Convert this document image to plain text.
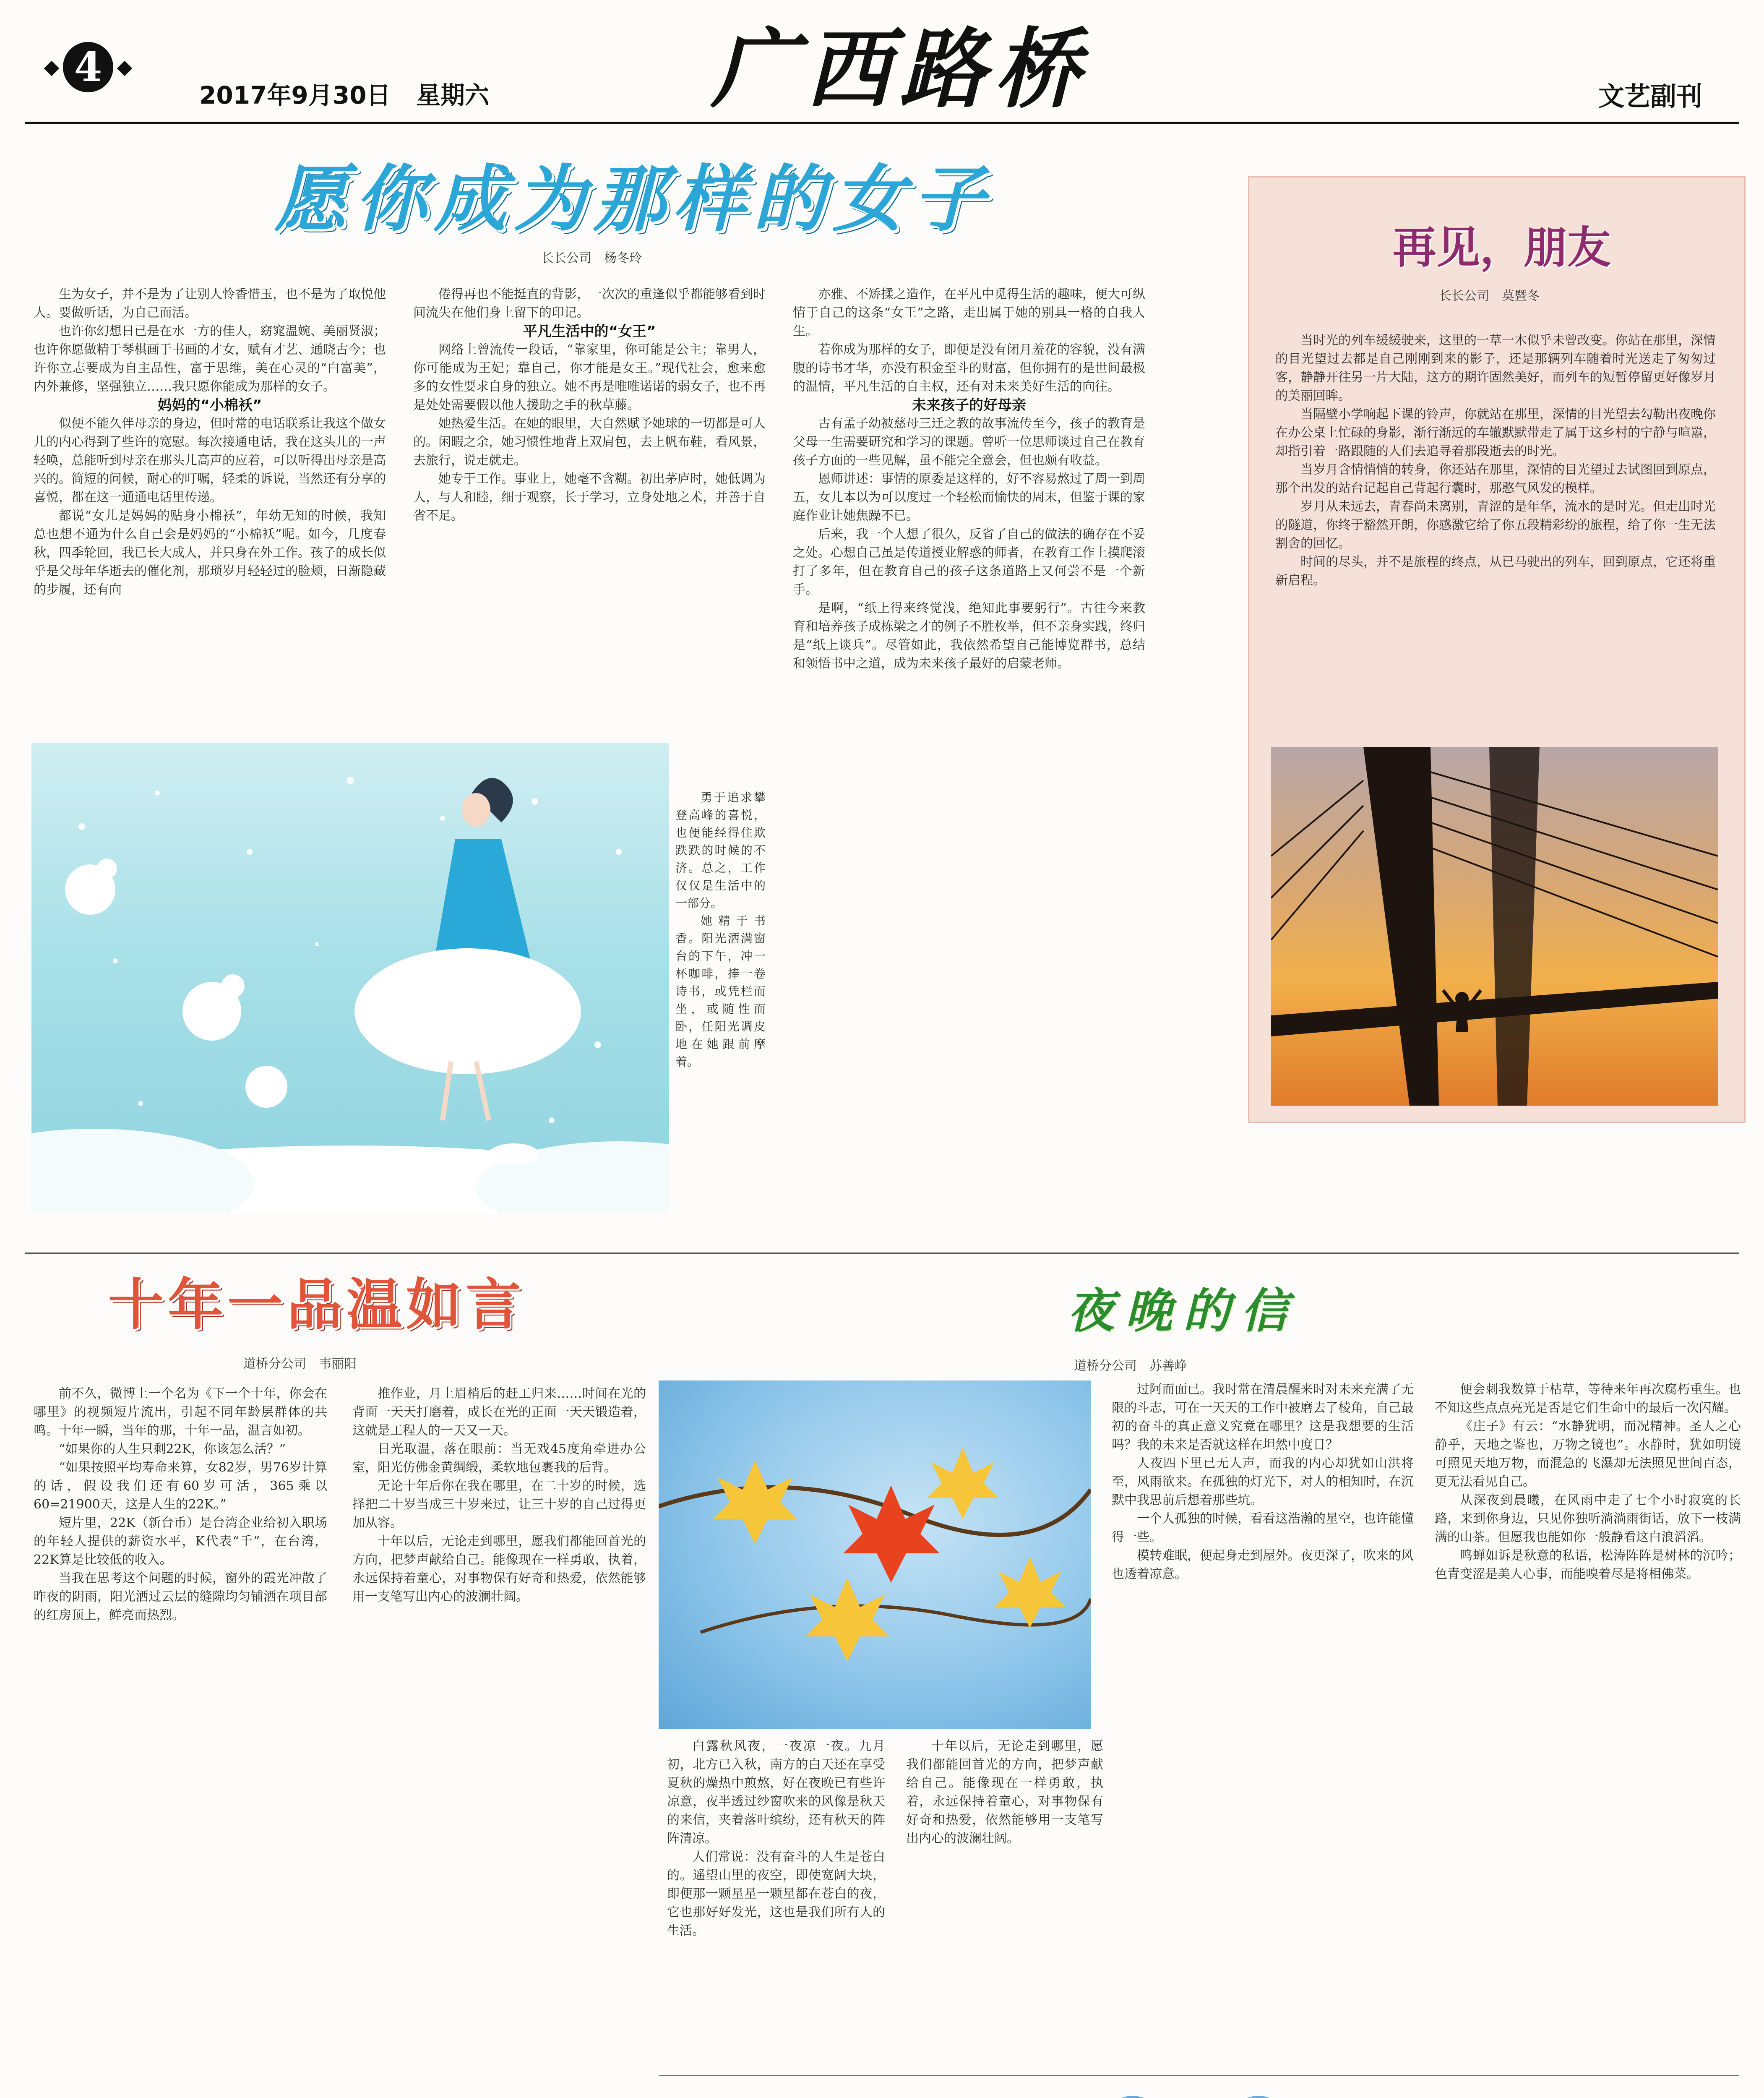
4
2017年9月30日 星期六	广西路桥	文艺副刊
愿你成为那样的女子
长长公司　杨冬玲

生为女子，并不是为了让别人怜香惜玉，也不是为了取悦他人。要做听话，为自己而活。

也许你幻想日已是在水一方的佳人，窈窕温婉、美丽贤淑；也许你愿做精于琴棋画于书画的才女，赋有才艺、通晓古今；也许你立志要成为自主品性，富于思维，美在心灵的“白富美”，内外兼修，坚强独立……我只愿你能成为那样的女子。

妈妈的“小棉袄”

似便不能久伴母亲的身边，但时常的电话联系让我这个做女儿的内心得到了些许的宽慰。每次接通电话，我在这头儿的一声轻唤，总能听到母亲在那头儿高声的应着，可以听得出母亲是高兴的。简短的问候，耐心的叮嘱，轻柔的诉说，当然还有分享的喜悦，都在这一通通电话里传递。

都说“女儿是妈妈的贴身小棉袄”，年幼无知的时候，我知总也想不通为什么自己会是妈妈的“小棉袄”呢。如今，几度春秋，四季轮回，我已长大成人，并只身在外工作。孩子的成长似乎是父母年华逝去的催化剂，那琐岁月轻轻过的脸颊，日渐隐藏的步履，还有向

倦得再也不能挺直的背影，一次次的重逢似乎都能够看到时间流失在他们身上留下的印记。

平凡生活中的“女王”

网络上曾流传一段话，“靠家里，你可能是公主；靠男人，你可能成为王妃；靠自己，你才能是女王。”现代社会，愈来愈多的女性要求自身的独立。她不再是唯唯诺诺的弱女子，也不再是处处需要假以他人援助之手的秋草藤。

她热爱生活。在她的眼里，大自然赋予她球的一切都是可人的。闲暇之余，她习惯性地背上双肩包，去上帆布鞋，看风景，去旅行，说走就走。

她专于工作。事业上，她毫不含糊。初出茅庐时，她低调为人，与人和睦，细于观察，长于学习，立身处地之术，并善于自省不足。

勇于追求攀登高峰的喜悦，也便能经得住欺跌跌的时候的不济。总之，工作仅仅是生活中的一部分。

她精于书香。阳光洒满窗台的下午，冲一杯咖啡，捧一卷诗书，或凭栏而坐，或随性而卧，任阳光调皮地在她跟前摩着。

亦雅、不矫揉之造作，在平凡中觅得生活的趣味，便大可纵情于自己的这条“女王”之路，走出属于她的别具一格的自我人生。

若你成为那样的女子，即便是没有闭月羞花的容貌，没有满腹的诗书才华，亦没有积金至斗的财富，但你拥有的是世间最极的温情，平凡生活的自主权，还有对未来美好生活的向往。

未来孩子的好母亲

古有孟子幼被慈母三迁之教的故事流传至今，孩子的教育是父母一生需要研究和学习的课题。曾听一位思师谈过自己在教育孩子方面的一些见解，虽不能完全意会，但也颇有收益。

恩师讲述：事情的原委是这样的，好不容易熬过了周一到周五，女儿本以为可以度过一个轻松而愉快的周末，但鉴于课的家庭作业让她焦躁不已。

后来，我一个人想了很久，反省了自己的做法的确存在不妥之处。心想自己虽是传道授业解惑的师者，在教育工作上摸爬滚打了多年，但在教育自己的孩子这条道路上又何尝不是一个新手。

是啊，“纸上得来终觉浅，绝知此事要躬行”。古往今来教育和培养孩子成栋梁之才的例子不胜枚举，但不亲身实践，终归是“纸上谈兵”。尽管如此，我依然希望自己能博览群书，总结和领悟书中之道，成为未来孩子最好的启蒙老师。

再见，朋友
长长公司　莫暨冬

当时光的列车缓缓驶来，这里的一草一木似乎未曾改变。你站在那里，深情的目光望过去都是自己刚刚到来的影子，还是那辆列车随着时光送走了匆匆过客，静静开往另一片大陆，这方的期许固然美好，而列车的短暂停留更好像岁月的美丽回眸。

当隔壁小学响起下课的铃声，你就站在那里，深情的目光望去勾勒出夜晚你在办公桌上忙碌的身影，渐行渐远的车辙默默带走了属于这乡村的宁静与喧嚣，却指引着一路跟随的人们去追寻着那段逝去的时光。

当岁月含情悄悄的转身，你还站在那里，深情的目光望过去试图回到原点，那个出发的站台记起自己背起行囊时，那憨气风发的模样。

岁月从未远去，青春尚未离别，青涩的是年华，流水的是时光。但走出时光的隧道，你终于豁然开朗，你感激它给了你五段精彩纷的旅程，给了你一生无法割舍的回忆。

时间的尽头，并不是旅程的终点，从已马驶出的列车，回到原点，它还将重新启程。

十年一品温如言
道桥分公司　韦丽阳

前不久，微博上一个名为《下一个十年，你会在哪里》的视频短片流出，引起不同年龄层群体的共鸣。十年一瞬，当年的那，十年一品，温言如初。

“如果你的人生只剩22K，你该怎么活？”

“如果按照平均寿命来算，女82岁，男76岁计算的话，假设我们还有60岁可活，365乘以60=21900天，这是人生的22K。”

短片里，22K（新台币）是台湾企业给初入职场的年轻人提供的薪资水平，K代表“千”，在台湾，22K算是比较低的收入。

当我在思考这个问题的时候，窗外的霞光冲散了昨夜的阴雨，阳光洒过云层的缝隙均匀铺洒在项目部的红房顶上，鲜亮而热烈。

推作业，月上眉梢后的赶工归来……时间在光的背面一天天打磨着，成长在光的正面一天天锻造着，这就是工程人的一天又一天。

日光取温，落在眼前：当无戏45度角牵进办公室，阳光仿佛金黄绸缎，柔软地包裹我的后背。

无论十年后你在我在哪里，在二十岁的时候，选择把二十岁当成三十岁来过，让三十岁的自己过得更加从容。

十年以后，无论走到哪里，愿我们都能回首光的方向，把梦声献给自己。能像现在一样勇敢，执着，永远保持着童心，对事物保有好奇和热爱，依然能够用一支笔写出内心的波澜壮阔。

夜晚的信
道桥分公司　苏善峥

白露秋风夜，一夜凉一夜。九月初，北方已入秋，南方的白天还在享受夏秋的燥热中煎熬，好在夜晚已有些许凉意，夜半透过纱窗吹来的风像是秋天的来信，夹着落叶缤纷，还有秋天的阵阵清凉。

人们常说：没有奋斗的人生是苍白的。遥望山里的夜空，即使宽阔大块，即便那一颗星星一颗星都在苍白的夜，它也那好好发光，这也是我们所有人的生活。

十年以后，无论走到哪里，愿我们都能回首光的方向，把梦声献给自己。能像现在一样勇敢，执着，永远保持着童心，对事物保有好奇和热爱，依然能够用一支笔写出内心的波澜壮阔。

过阿而面已。我时常在清晨醒来时对未来充满了无限的斗志，可在一天天的工作中被磨去了棱角，自己最初的奋斗的真正意义究竟在哪里？这是我想要的生活吗？我的未来是否就这样在坦然中度日？

人夜四下里已无人声，而我的内心却犹如山洪将至，风雨欲来。在孤独的灯光下，对人的相知时，在沉默中我思前后想着那些坑。

一个人孤独的时候，看看这浩瀚的星空，也许能懂得一些。

模转难眠，便起身走到屋外。夜更深了，吹来的风也透着凉意。

便会刺我数算于枯草，等待来年再次腐朽重生。也不知这些点点亮光是否是它们生命中的最后一次闪耀。

《庄子》有云：“水静犹明，而况精神。圣人之心静乎，天地之鉴也，万物之镜也”。水静时，犹如明镜可照见天地万物，而混急的飞瀑却无法照见世间百态，更无法看见自己。

从深夜到晨曦，在风雨中走了七个小时寂寞的长路，来到你身边，只见你独听淌淌雨街话，放下一枝满满的山茶。但愿我也能如你一般静看这白浪滔滔。

鸣蝉如诉是秋意的私语，松涛阵阵是树林的沉吟；色青变涩是美人心事，而能嗅着尽是将相佛菜。
